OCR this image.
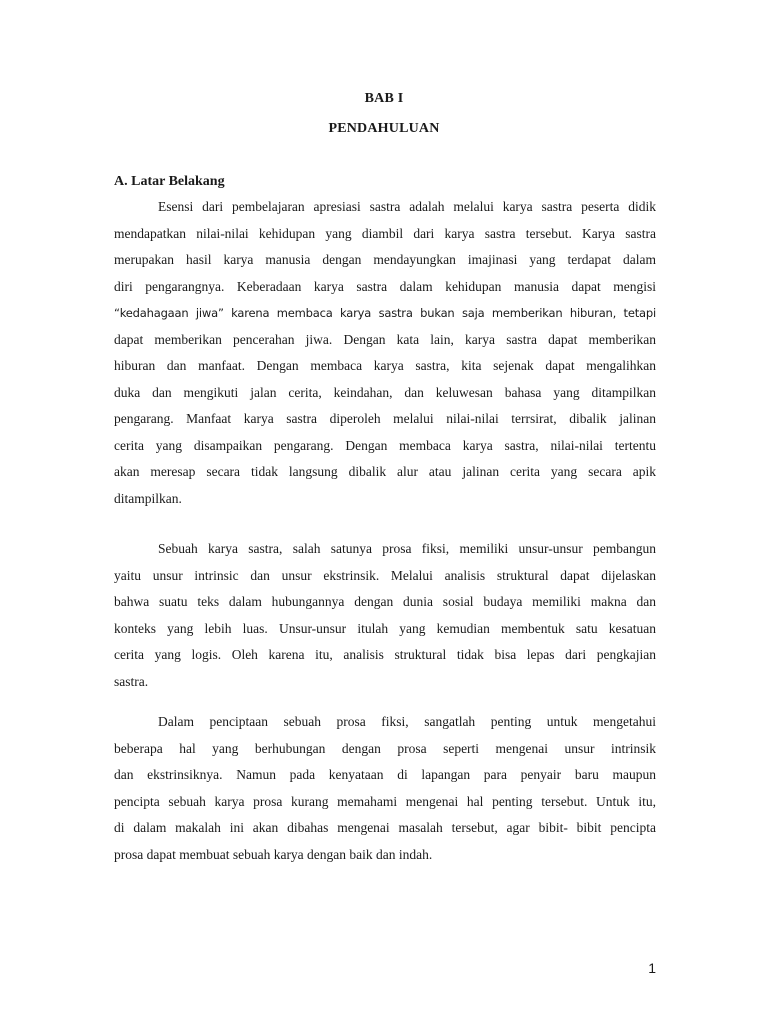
BAB I
PENDAHULUAN
A. Latar Belakang
Esensi dari pembelajaran apresiasi sastra adalah melalui karya sastra peserta didik
mendapatkan nilai-nilai kehidupan yang diambil dari karya sastra tersebut. Karya sastra
merupakan hasil karya manusia dengan mendayungkan imajinasi yang terdapat dalam
diri pengarangnya. Keberadaan karya sastra dalam kehidupan manusia dapat mengisi
“kedahagaan jiwa” karena membaca karya sastra bukan saja memberikan hiburan, tetapi
dapat memberikan pencerahan jiwa. Dengan kata lain, karya sastra dapat memberikan
hiburan dan manfaat. Dengan membaca karya sastra, kita sejenak dapat mengalihkan
duka dan mengikuti jalan cerita, keindahan, dan keluwesan bahasa yang ditampilkan
pengarang. Manfaat karya sastra diperoleh melalui nilai-nilai terrsirat, dibalik jalinan
cerita yang disampaikan pengarang. Dengan membaca karya sastra, nilai-nilai tertentu
akan meresap secara tidak langsung dibalik alur atau jalinan cerita yang secara apik
ditampilkan.
Sebuah karya sastra, salah satunya prosa fiksi, memiliki unsur-unsur pembangun
yaitu unsur intrinsic dan unsur ekstrinsik. Melalui analisis struktural dapat dijelaskan
bahwa suatu teks dalam hubungannya dengan dunia sosial budaya memiliki makna dan
konteks yang lebih luas. Unsur-unsur itulah yang kemudian membentuk satu kesatuan
cerita yang logis. Oleh karena itu, analisis struktural tidak bisa lepas dari pengkajian
sastra.
Dalam penciptaan sebuah prosa fiksi, sangatlah penting untuk mengetahui
beberapa hal yang berhubungan dengan prosa seperti mengenai unsur intrinsik
dan ekstrinsiknya. Namun pada kenyataan di lapangan para penyair baru maupun
pencipta sebuah karya prosa kurang memahami mengenai hal penting tersebut. Untuk itu,
di dalam makalah ini akan dibahas mengenai masalah tersebut, agar bibit- bibit pencipta
prosa dapat membuat sebuah karya dengan baik dan indah.
1
